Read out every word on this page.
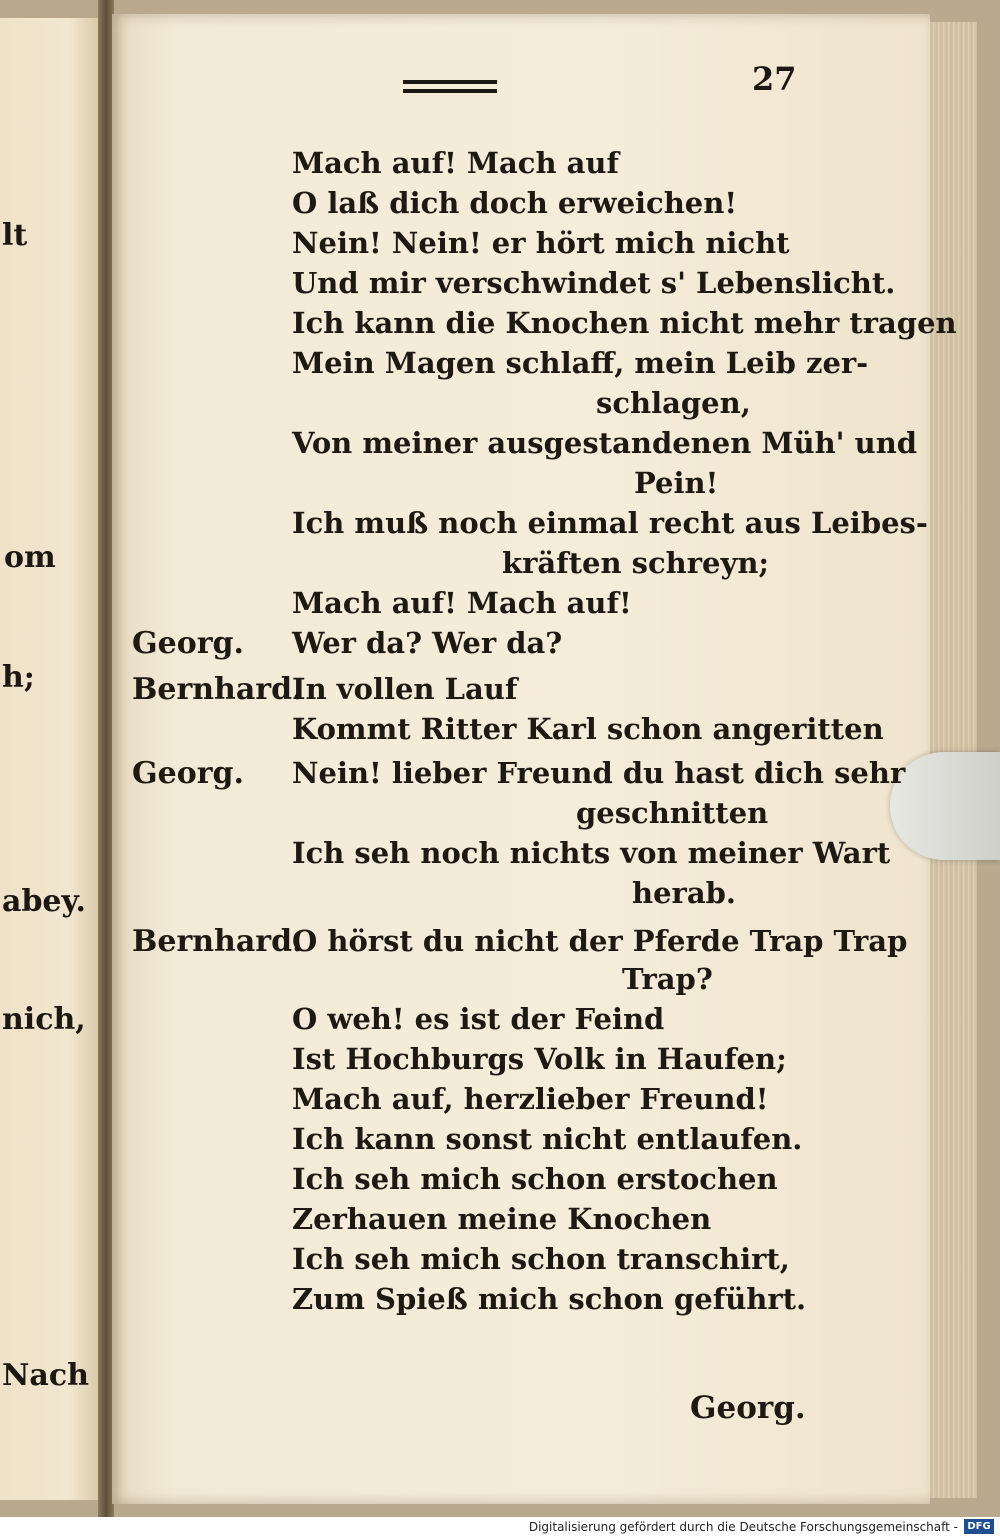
lt
om
h;
abey.
nich,
Nach
27
Mach auf! Mach auf
O laß dich doch erweichen!
Nein! Nein! er hört mich nicht
Und mir verschwindet s' Lebenslicht.
Ich kann die Knochen nicht mehr tragen
Mein Magen schlaff, mein Leib zer-
schlagen,
Von meiner ausgestandenen Müh' und
Pein!
Ich muß noch einmal recht aus Leibes-
kräften schreyn;
Mach auf! Mach auf!
Georg. Wer da? Wer da?
Bernhard.
In vollen Lauf
Kommt Ritter Karl schon angeritten
Georg. Nein! lieber Freund du hast dich sehr
geschnitten
Ich seh noch nichts von meiner Wart
herab.
Bernhard.
O hörst du nicht der Pferde Trap Trap
Trap?
O weh! es ist der Feind
Ist Hochburgs Volk in Haufen;
Mach auf, herzlieber Freund!
Ich kann sonst nicht entlaufen.
Ich seh mich schon erstochen
Zerhauen meine Knochen
Ich seh mich schon transchirt,
Zum Spieß mich schon geführt.
Georg.
Digitalisierung gefördert durch die Deutsche Forschungsgemeinschaft - DFG
